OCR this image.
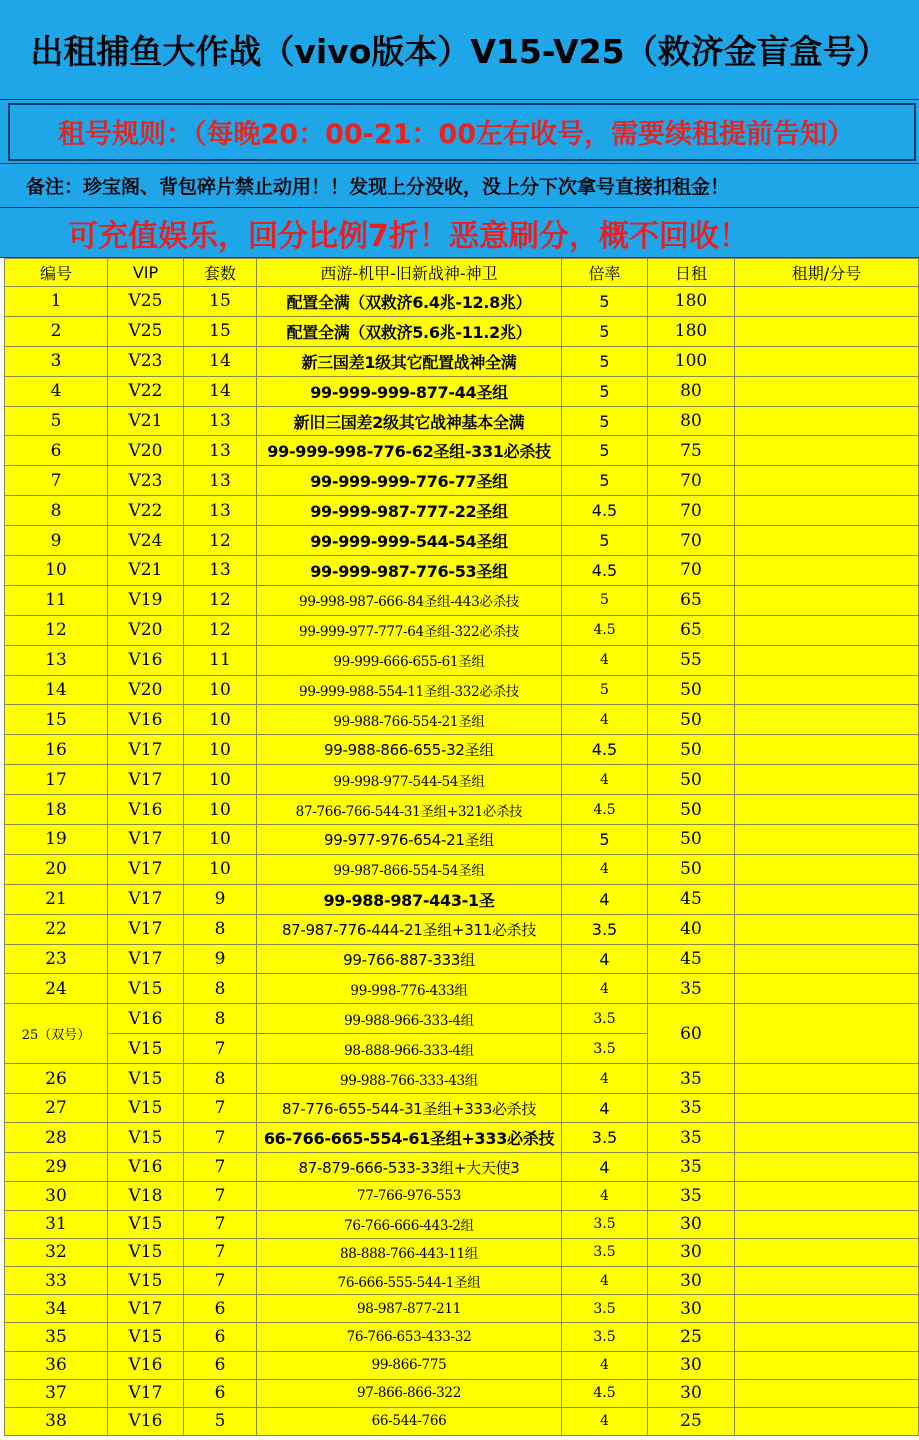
出租捕鱼大作战（vivo版本）V15-V25（救济金盲盒号）
租号规则：（每晚20：00-21：00左右收号，需要续租提前告知）
备注：珍宝阁、背包碎片禁止动用！！发现上分没收，没上分下次拿号直接扣租金！
可充值娱乐，回分比例7折！恶意刷分，概不回收！
编号	VIP	套数	西游-机甲-旧新战神-神卫	倍率	日租	租期/分号
1	V25	15	配置全满（双救济6.4兆-12.8兆）	5	180	
2	V25	15	配置全满（双救济5.6兆-11.2兆）	5	180	
3	V23	14	新三国差1级其它配置战神全满	5	100	
4	V22	14	99-999-999-877-44圣组	5	80	
5	V21	13	新旧三国差2级其它战神基本全满	5	80	
6	V20	13	99-999-998-776-62圣组-331必杀技	5	75	
7	V23	13	99-999-999-776-77圣组	5	70	
8	V22	13	99-999-987-777-22圣组	4.5	70	
9	V24	12	99-999-999-544-54圣组	5	70	
10	V21	13	99-999-987-776-53圣组	4.5	70	
11	V19	12	99-998-987-666-84圣组-443必杀技	5	65	
12	V20	12	99-999-977-777-64圣组-322必杀技	4.5	65	
13	V16	11	99-999-666-655-61圣组	4	55	
14	V20	10	99-999-988-554-11圣组-332必杀技	5	50	
15	V16	10	99-988-766-554-21圣组	4	50	
16	V17	10	99-988-866-655-32圣组	4.5	50	
17	V17	10	99-998-977-544-54圣组	4	50	
18	V16	10	87-766-766-544-31圣组+321必杀技	4.5	50	
19	V17	10	99-977-976-654-21圣组	5	50	
20	V17	10	99-987-866-554-54圣组	4	50	
21	V17	9	99-988-987-443-1圣	4	45	
22	V17	8	87-987-776-444-21圣组+311必杀技	3.5	40	
23	V17	9	99-766-887-333组	4	45	
24	V15	8	99-998-776-433组	4	35	
25（双号）	V16	8	99-988-966-333-4组	3.5	60	
	V15	7	98-888-966-333-4组	3.5		
26	V15	8	99-988-766-333-43组	4	35	
27	V15	7	87-776-655-544-31圣组+333必杀技	4	35	
28	V15	7	66-766-665-554-61圣组+333必杀技	3.5	35	
29	V16	7	87-879-666-533-33组+大天使3	4	35	
30	V18	7	77-766-976-553	4	35	
31	V15	7	76-766-666-443-2组	3.5	30	
32	V15	7	88-888-766-443-11组	3.5	30	
33	V15	7	76-666-555-544-1圣组	4	30	
34	V17	6	98-987-877-211	3.5	30	
35	V15	6	76-766-653-433-32	3.5	25	
36	V16	6	99-866-775	4	30	
37	V17	6	97-866-866-322	4.5	30	
38	V16	5	66-544-766	4	25	
